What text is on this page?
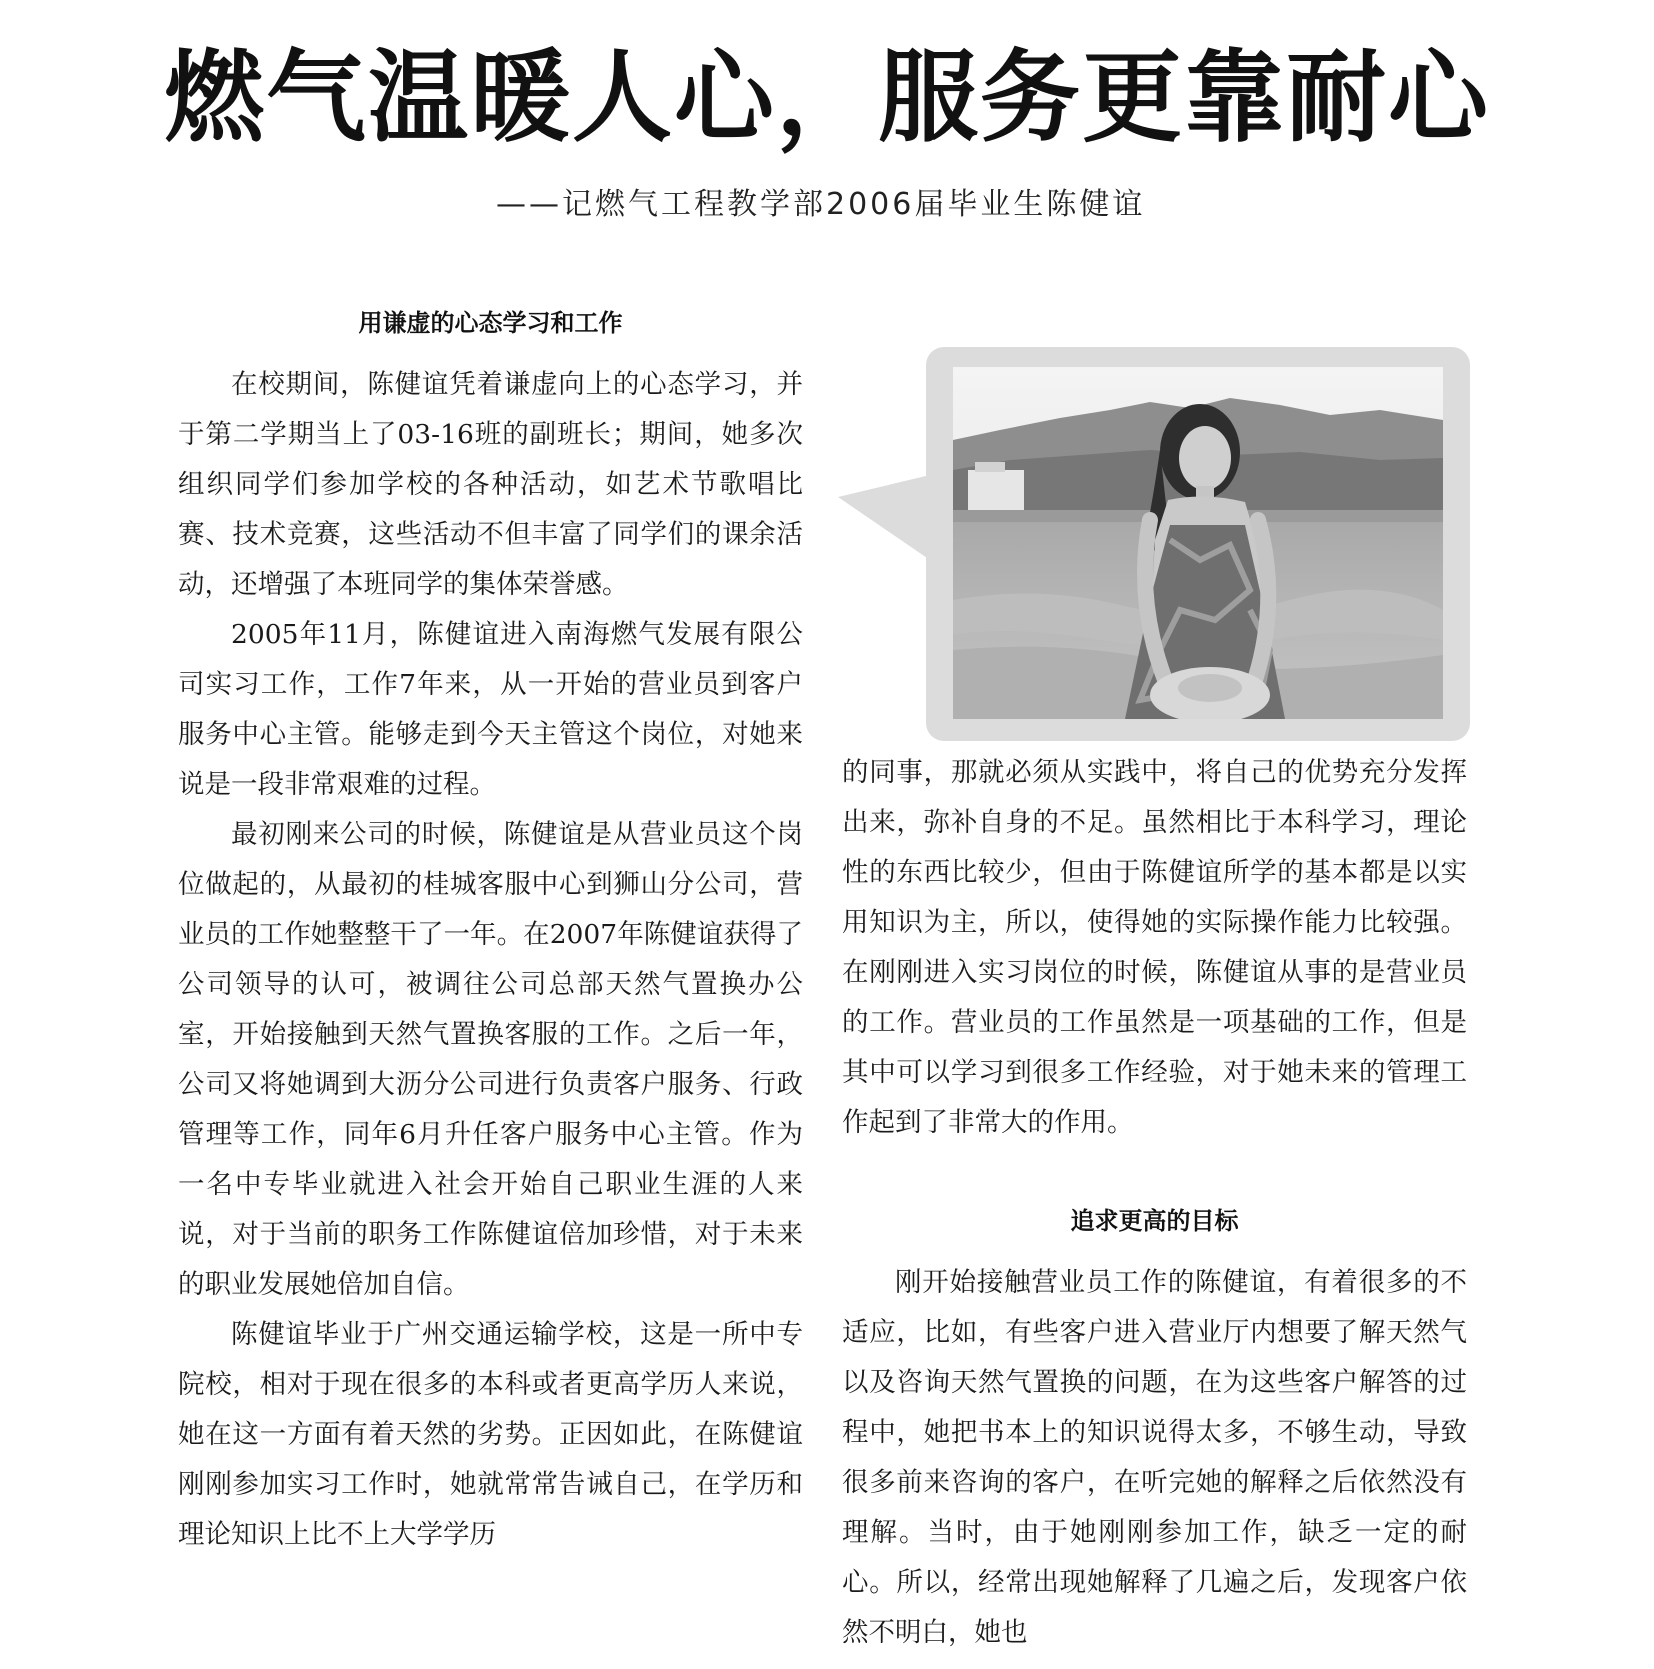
燃气温暖人心，服务更靠耐心
——记燃气工程教学部2006届毕业生陈健谊
用谦虚的心态学习和工作

在校期间，陈健谊凭着谦虚向上的心态学习，并于第二学期当上了03-16班的副班长；期间，她多次组织同学们参加学校的各种活动，如艺术节歌唱比赛、技术竞赛，这些活动不但丰富了同学们的课余活动，还增强了本班同学的集体荣誉感。

2005年11月，陈健谊进入南海燃气发展有限公司实习工作，工作7年来，从一开始的营业员到客户服务中心主管。能够走到今天主管这个岗位，对她来说是一段非常艰难的过程。

最初刚来公司的时候，陈健谊是从营业员这个岗位做起的，从最初的桂城客服中心到狮山分公司，营业员的工作她整整干了一年。在2007年陈健谊获得了公司领导的认可，被调往公司总部天然气置换办公室，开始接触到天然气置换客服的工作。之后一年，公司又将她调到大沥分公司进行负责客户服务、行政管理等工作，同年6月升任客户服务中心主管。作为一名中专毕业就进入社会开始自己职业生涯的人来说，对于当前的职务工作陈健谊倍加珍惜，对于未来的职业发展她倍加自信。

陈健谊毕业于广州交通运输学校，这是一所中专院校，相对于现在很多的本科或者更高学历人来说，她在这一方面有着天然的劣势。正因如此，在陈健谊刚刚参加实习工作时，她就常常告诫自己，在学历和理论知识上比不上大学学历

的同事，那就必须从实践中，将自己的优势充分发挥出来，弥补自身的不足。虽然相比于本科学习，理论性的东西比较少，但由于陈健谊所学的基本都是以实用知识为主，所以，使得她的实际操作能力比较强。在刚刚进入实习岗位的时候，陈健谊从事的是营业员的工作。营业员的工作虽然是一项基础的工作，但是其中可以学习到很多工作经验，对于她未来的管理工作起到了非常大的作用。

追求更高的目标

刚开始接触营业员工作的陈健谊，有着很多的不适应，比如，有些客户进入营业厅内想要了解天然气以及咨询天然气置换的问题，在为这些客户解答的过程中，她把书本上的知识说得太多，不够生动，导致很多前来咨询的客户，在听完她的解释之后依然没有理解。当时，由于她刚刚参加工作，缺乏一定的耐心。所以，经常出现她解释了几遍之后，发现客户依然不明白，她也
